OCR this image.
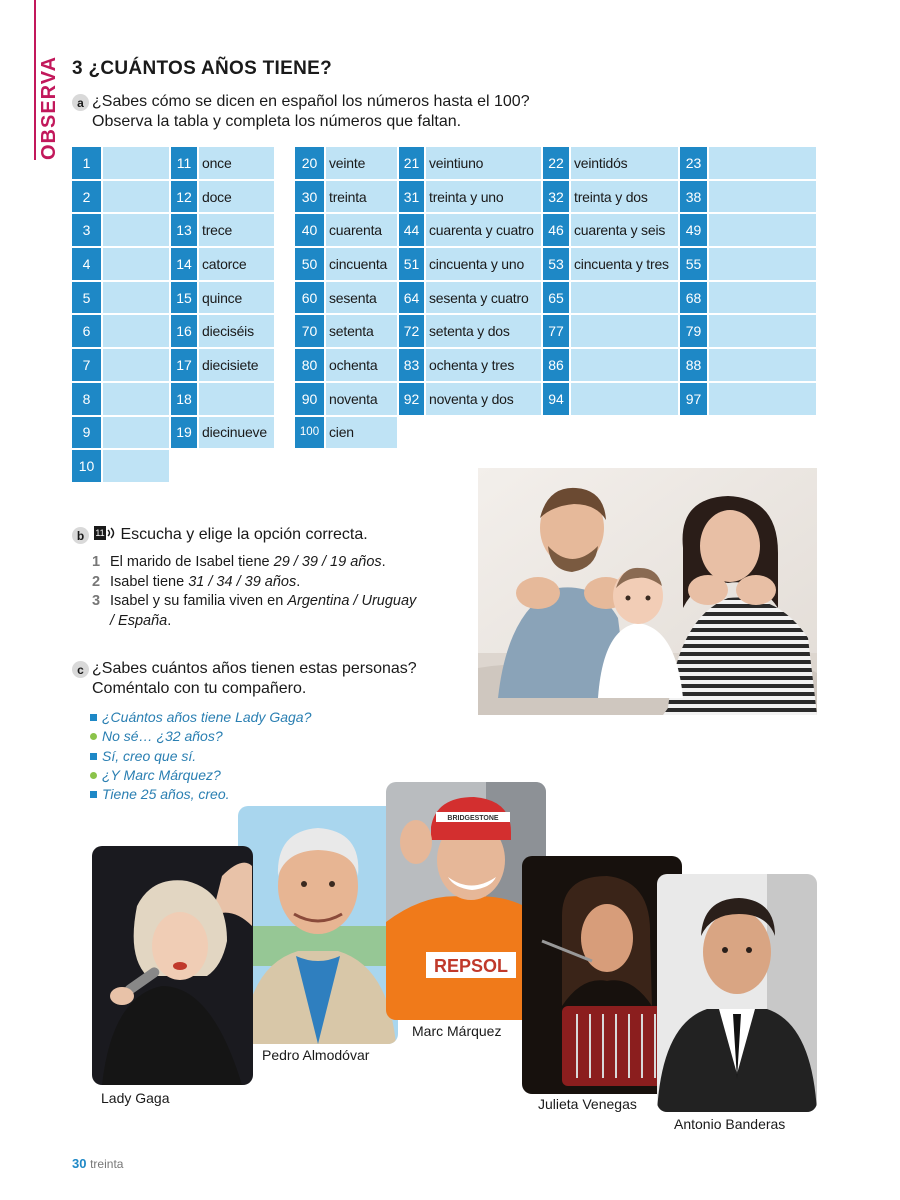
OBSERVA 3 ¿CUÁNTOS AÑOS TIENE?
a ¿Sabes cómo se dicen en español los números hasta el 100?
Observa la tabla y completa los números que faltan.
1		11	once
2		12	doce
3		13	trece
4		14	catorce
5		15	quince
6		16	dieciséis
7		17	diecisiete
8		18	
9		19	diecinueve
10			
20	veinte	21	veintiuno	22	veintidós	23	
30	treinta	31	treinta y uno	32	treinta y dos	38	
40	cuarenta	44	cuarenta y cuatro	46	cuarenta y seis	49	
50	cincuenta	51	cincuenta y uno	53	cincuenta y tres	55	
60	sesenta	64	sesenta y cuatro	65		68	
70	setenta	72	setenta y dos	77		79	
80	ochenta	83	ochenta y tres	86		88	
90	noventa	92	noventa y dos	94		97	
100	cien						
b	11 Escucha y elige la opción correcta.
1 El marido de Isabel tiene 29 / 39 / 19 años.
2 Isabel tiene 31 / 34 / 39 años.
3 Isabel y su familia viven en Argentina / Uruguay
/ España.
c ¿Sabes cuántos años tienen estas personas?
Coméntalo con tu compañero.
¿Cuántos años tiene Lady Gaga?
No sé… ¿32 años?
Sí, creo que sí.
¿Y Marc Márquez?
Tiene 25 años, creo.
REPSOL
BRIDGESTONE
Lady Gaga
Pedro Almodóvar
Marc Márquez
Julieta Venegas
Antonio Banderas
30 treinta
